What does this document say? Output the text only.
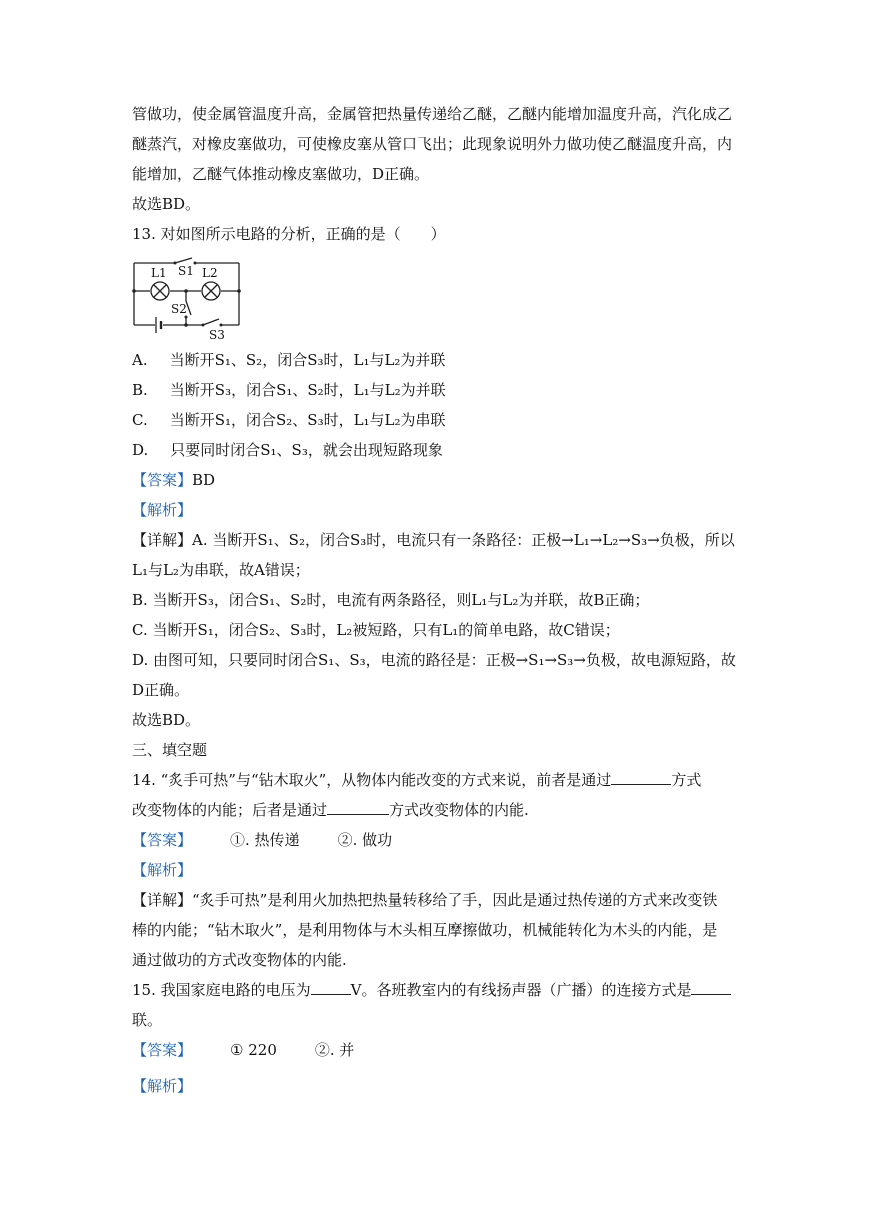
管做功，使金属管温度升高，金属管把热量传递给乙醚，乙醚内能增加温度升高，汽化成乙
醚蒸汽，对橡皮塞做功，可使橡皮塞从管口飞出；此现象说明外力做功使乙醚温度升高，内
能增加，乙醚气体推动橡皮塞做功，D正确。
故选BD。
13. 对如图所示电路的分析，正确的是（　　）
L1	L2
S1
S2
S3
A. 当断开S₁、S₂，闭合S₃时，L₁与L₂为并联
B. 当断开S₃，闭合S₁、S₂时，L₁与L₂为并联
C. 当断开S₁，闭合S₂、S₃时，L₁与L₂为串联
D. 只要同时闭合S₁、S₃，就会出现短路现象
【答案】BD
【解析】
【详解】A. 当断开S₁、S₂，闭合S₃时，电流只有一条路径：正极→L₁→L₂→S₃→负极，所以
L₁与L₂为串联，故A错误；
B. 当断开S₃，闭合S₁、S₂时，电流有两条路径，则L₁与L₂为并联，故B正确；
C. 当断开S₁，闭合S₂、S₃时，L₂被短路，只有L₁的简单电路，故C错误；
D. 由图可知，只要同时闭合S₁、S₃，电流的路径是：正极→S₁→S₃→负极，故电源短路，故
D正确。
故选BD。
三、填空题
14. “炙手可热”与“钻木取火”，从物体内能改变的方式来说，前者是通过	方式
改变物体的内能；后者是通过	方式改变物体的内能.
【答案】	①. 热传递	②. 做功
【解析】
【详解】“炙手可热”是利用火加热把热量转移给了手，因此是通过热传递的方式来改变铁
棒的内能；“钻木取火”，是利用物体与木头相互摩擦做功，机械能转化为木头的内能，是
通过做功的方式改变物体的内能.
15. 我国家庭电路的电压为	V。各班教室内的有线扬声器（广播）的连接方式是
联。
【答案】	① 220	②. 并
【解析】
